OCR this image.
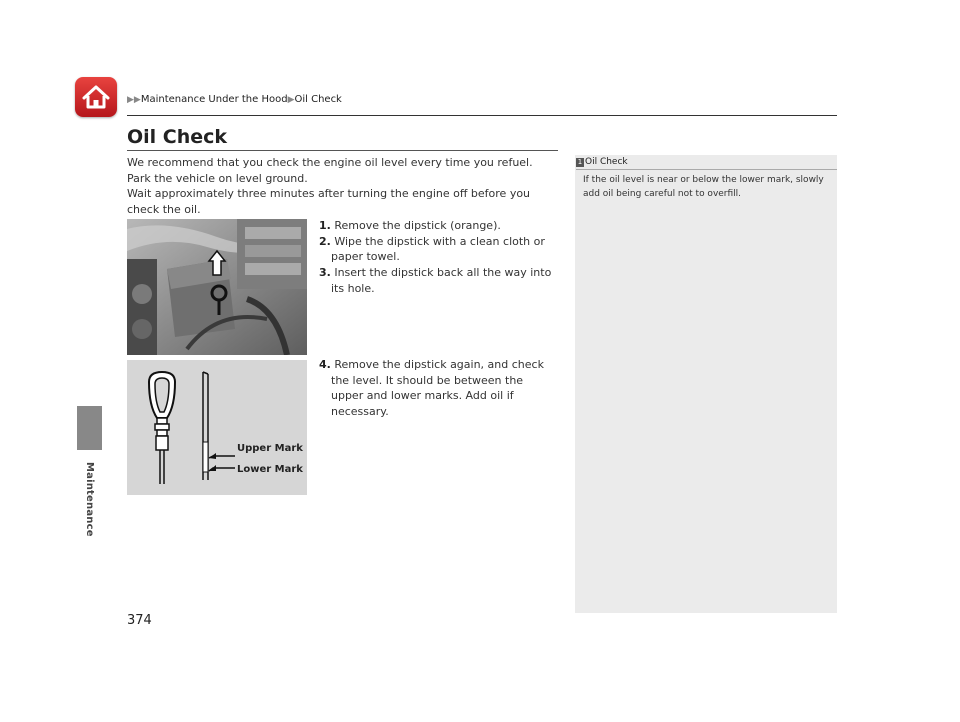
Maintenance
▶▶Maintenance Under the Hood▶Oil Check
Oil Check
We recommend that you check the engine oil level every time you refuel.
Park the vehicle on level ground.
Wait approximately three minutes after turning the engine off before you check the oil.
1. Remove the dipstick (orange).
2. Wipe the dipstick with a clean cloth or paper towel.
3. Insert the dipstick back all the way into its hole.
Upper Mark
Lower Mark
4. Remove the dipstick again, and check the level. It should be between the upper and lower marks. Add oil if necessary.
1 Oil Check
If the oil level is near or below the lower mark, slowly add oil being careful not to overfill.
374
